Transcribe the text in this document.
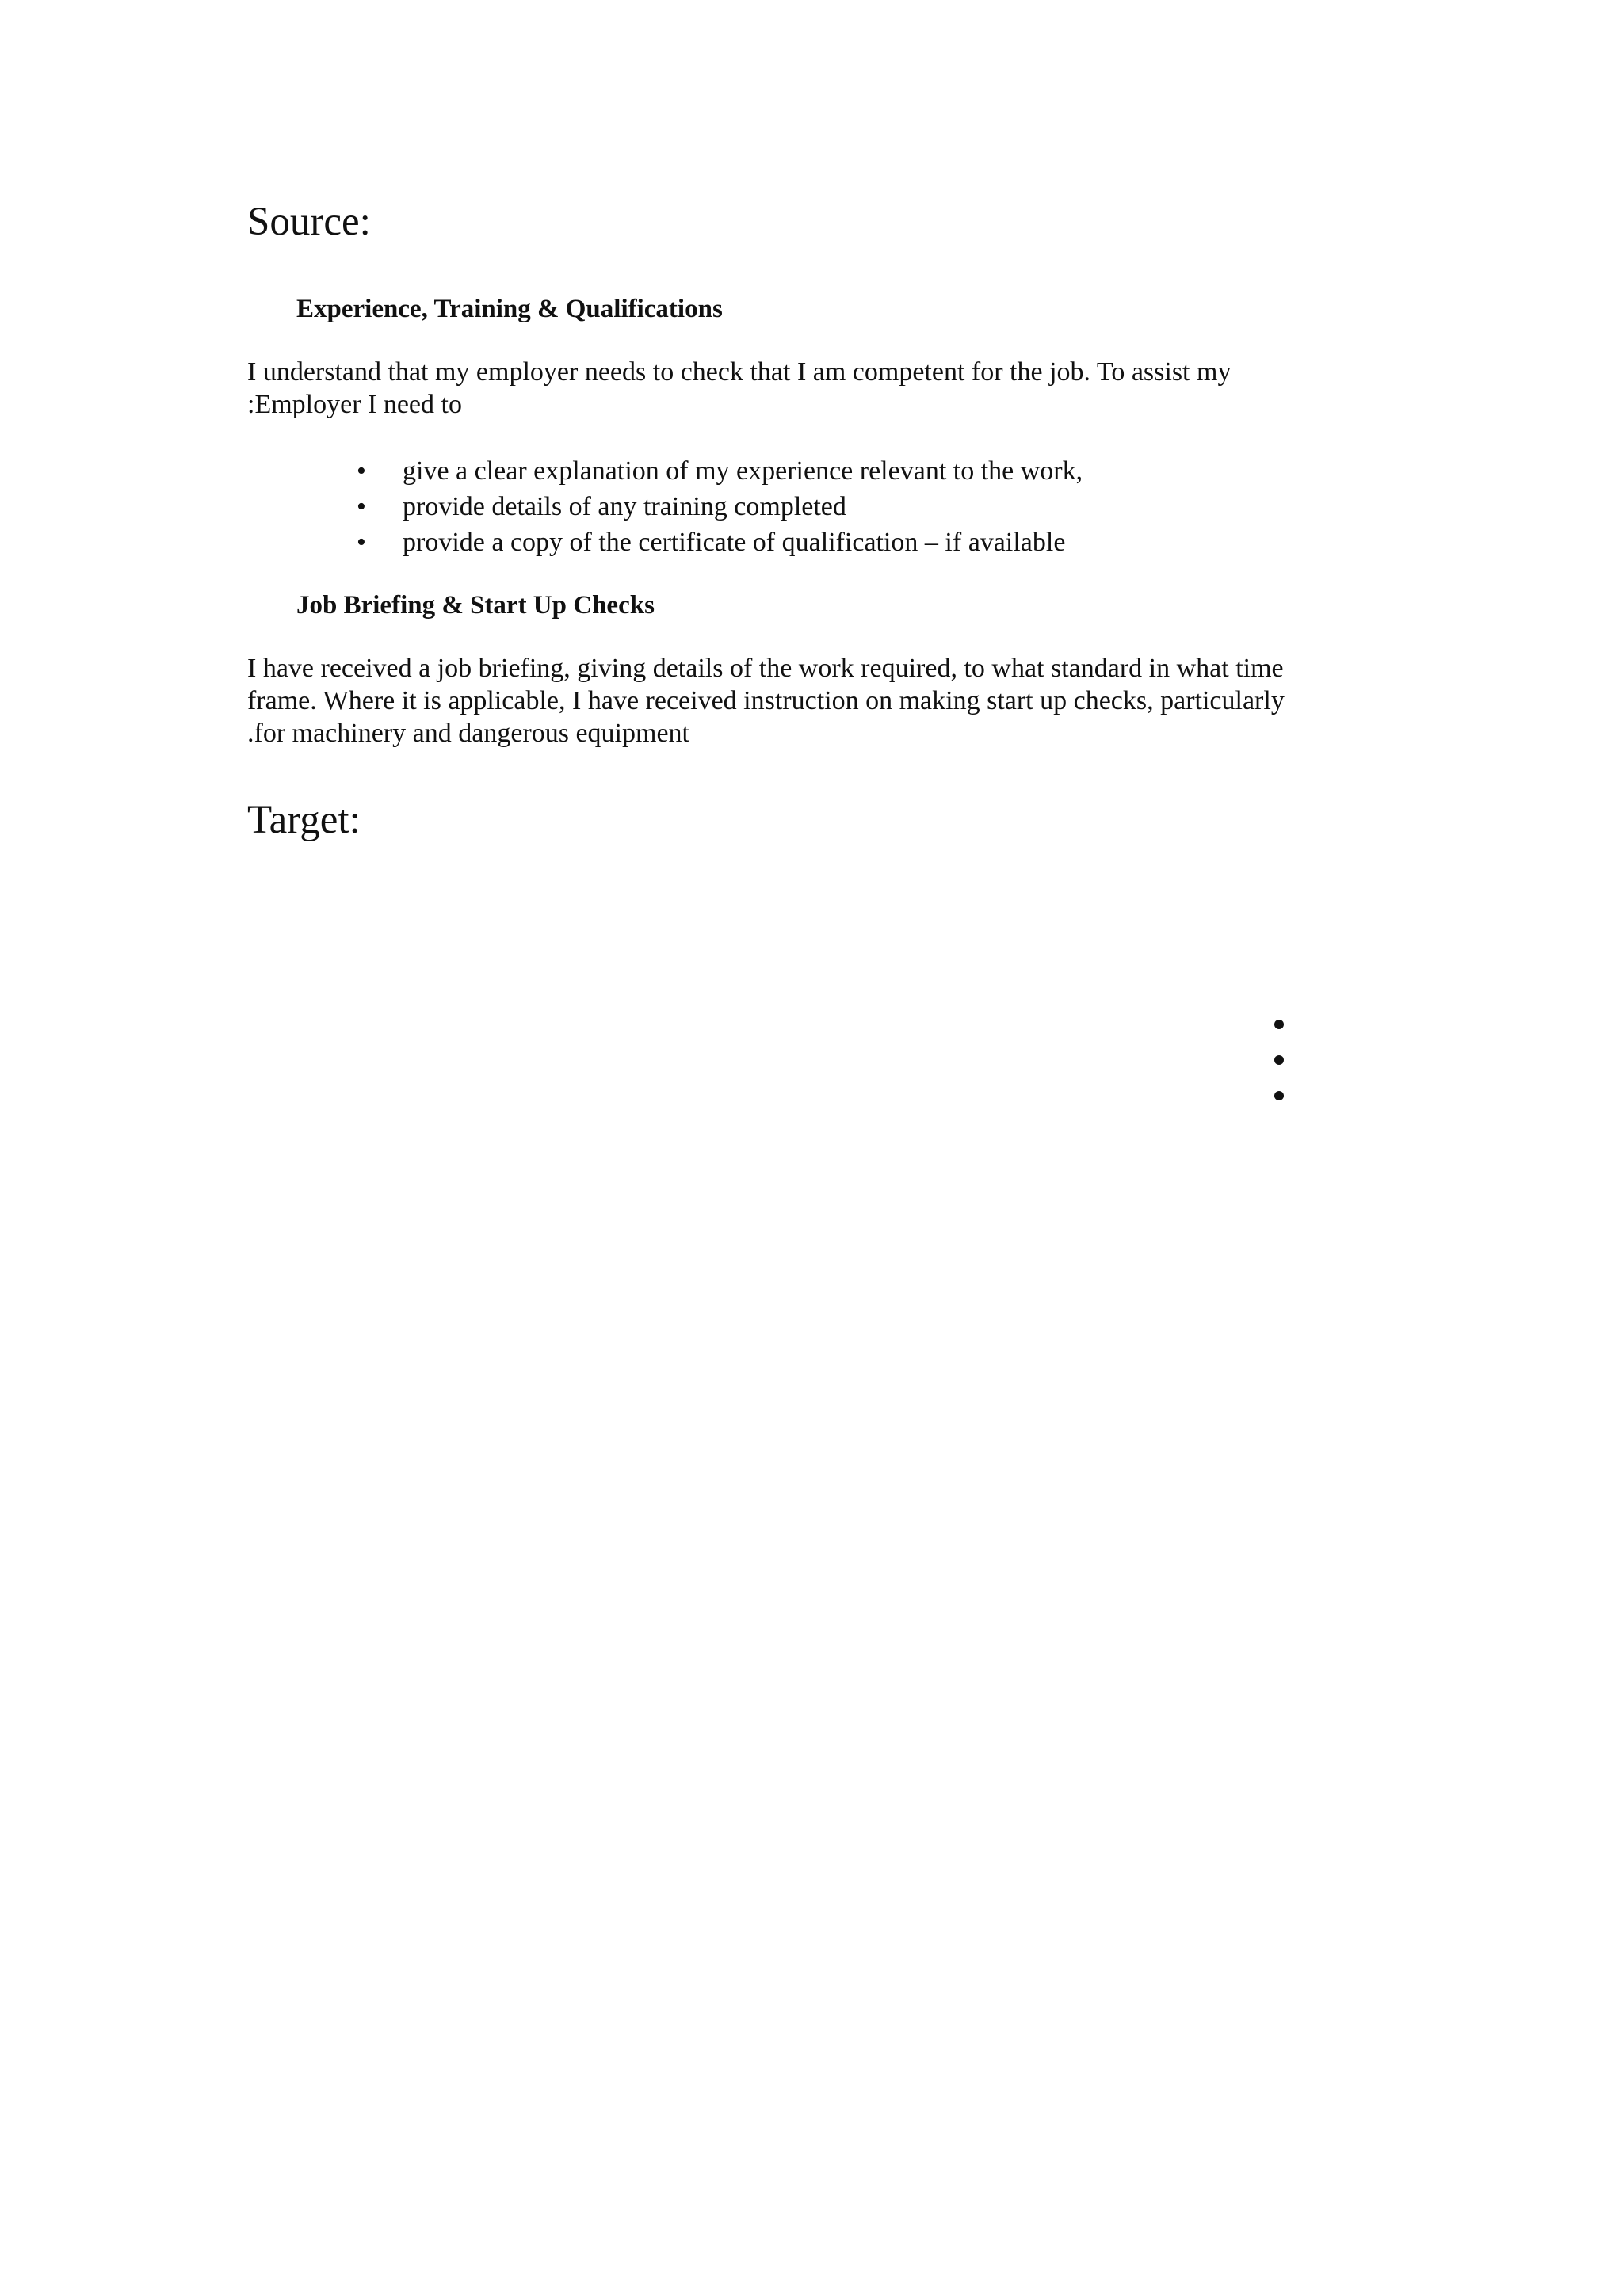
Source:
Experience, Training & Qualifications
I understand that my employer needs to check that I am competent for the job. To assist my
:Employer I need to
• give a clear explanation of my experience relevant to the work,
• provide details of any training completed
• provide a copy of the certificate of qualification – if available
Job Briefing & Start Up Checks
I have received a job briefing, giving details of the work required, to what standard in what time
frame. Where it is applicable, I have received instruction on making start up checks, particularly
.for machinery and dangerous equipment
Target:
